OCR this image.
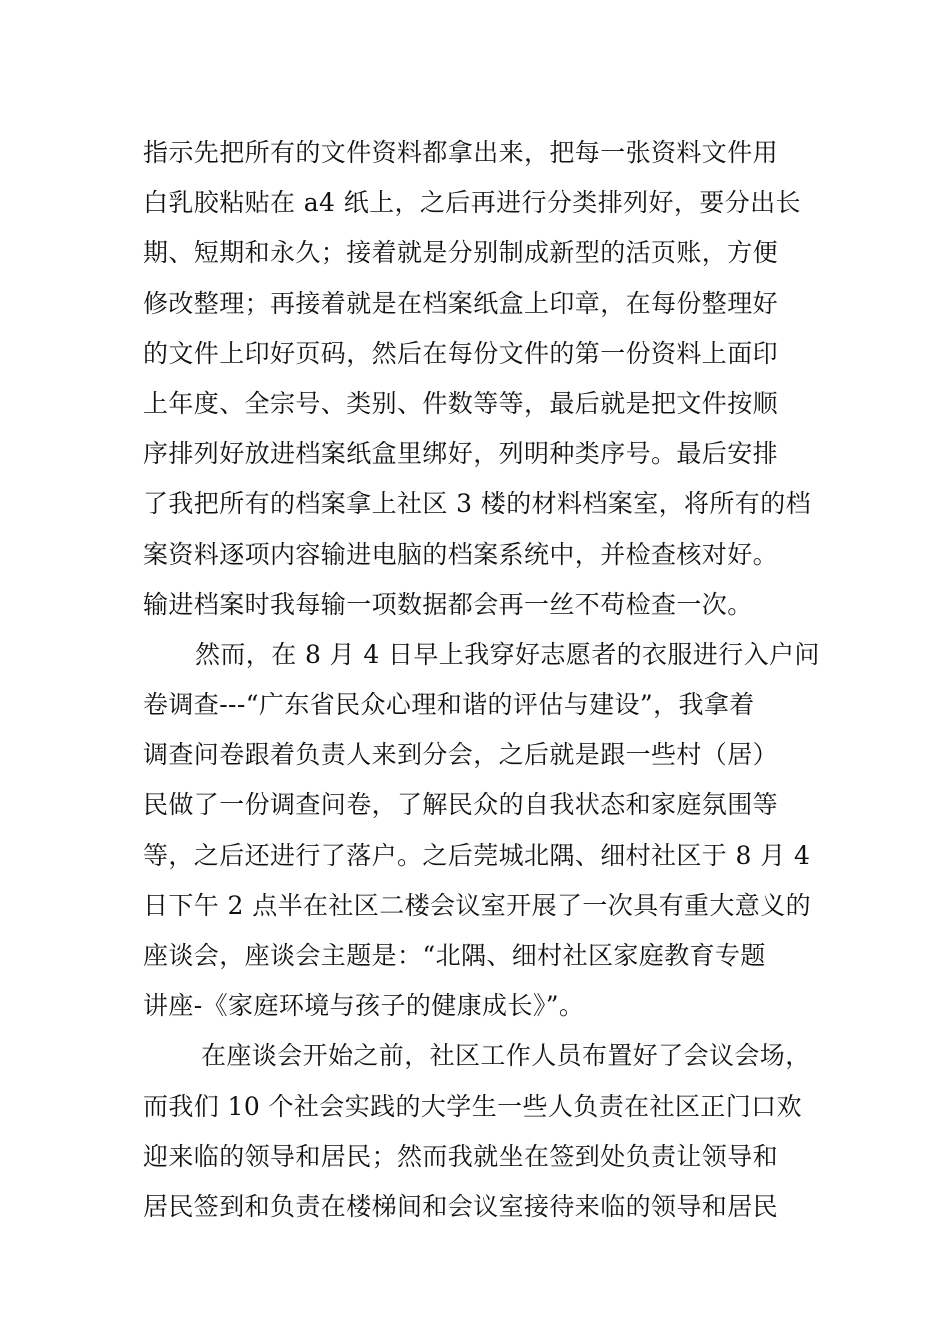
指示先把所有的文件资料都拿出来，把每一张资料文件用
白乳胶粘贴在 a4 纸上，之后再进行分类排列好，要分出长
期、短期和永久；接着就是分别制成新型的活页账，方便
修改整理；再接着就是在档案纸盒上印章，在每份整理好
的文件上印好页码，然后在每份文件的第一份资料上面印
上年度、全宗号、类别、件数等等，最后就是把文件按顺
序排列好放进档案纸盒里绑好，列明种类序号。最后安排
了我把所有的档案拿上社区 3 楼的材料档案室，将所有的档
案资料逐项内容输进电脑的档案系统中，并检查核对好。
输进档案时我每输一项数据都会再一丝不苟检查一次。
然而，在 8 月 4 日早上我穿好志愿者的衣服进行入户问
卷调查---“广东省民众心理和谐的评估与建设”，我拿着
调查问卷跟着负责人来到分会，之后就是跟一些村（居）
民做了一份调查问卷，了解民众的自我状态和家庭氛围等
等，之后还进行了落户。之后莞城北隅、细村社区于 8 月 4
日下午 2 点半在社区二楼会议室开展了一次具有重大意义的
座谈会，座谈会主题是：“北隅、细村社区家庭教育专题
讲座-《家庭环境与孩子的健康成长》”。
在座谈会开始之前，社区工作人员布置好了会议会场，
而我们 10 个社会实践的大学生一些人负责在社区正门口欢
迎来临的领导和居民；然而我就坐在签到处负责让领导和
居民签到和负责在楼梯间和会议室接待来临的领导和居民
